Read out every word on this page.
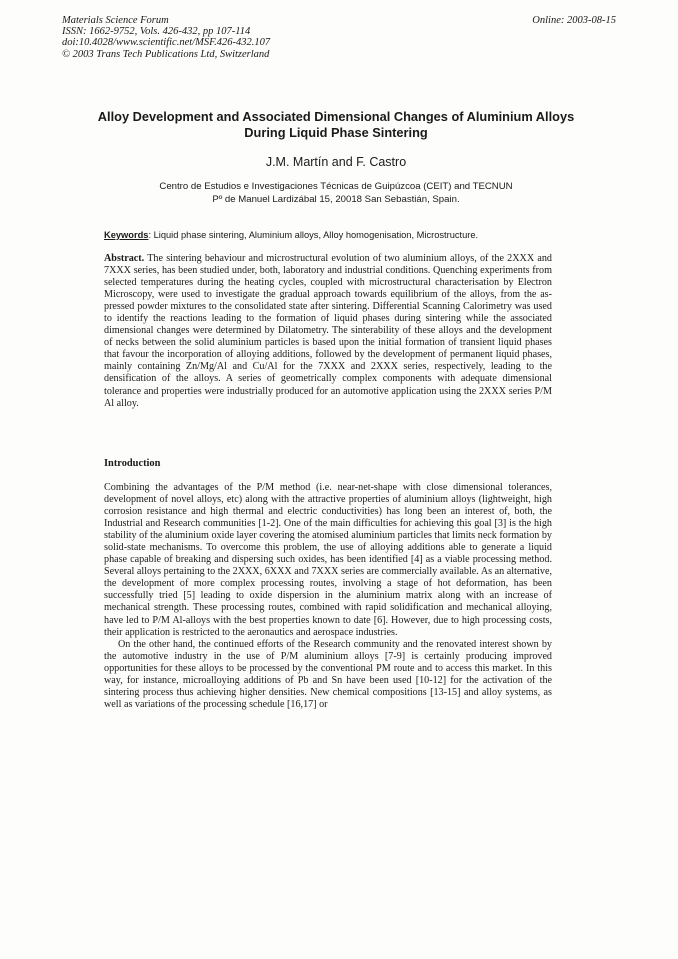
Materials Science Forum
ISSN: 1662-9752, Vols. 426-432, pp 107-114
doi:10.4028/www.scientific.net/MSF.426-432.107
© 2003 Trans Tech Publications Ltd, Switzerland
Online: 2003-08-15
Alloy Development and Associated Dimensional Changes of Aluminium Alloys During Liquid Phase Sintering
J.M. Martín and F. Castro
Centro de Estudios e Investigaciones Técnicas de Guipúzcoa (CEIT) and TECNUN
Pº de Manuel Lardizábal 15, 20018 San Sebastián, Spain.
Keywords: Liquid phase sintering, Aluminium alloys, Alloy homogenisation, Microstructure.

Abstract. The sintering behaviour and microstructural evolution of two aluminium alloys, of the 2XXX and 7XXX series, has been studied under, both, laboratory and industrial conditions. Quenching experiments from selected temperatures during the heating cycles, coupled with microstructural characterisation by Electron Microscopy, were used to investigate the gradual approach towards equilibrium of the alloys, from the as-pressed powder mixtures to the consolidated state after sintering. Differential Scanning Calorimetry was used to identify the reactions leading to the formation of liquid phases during sintering while the associated dimensional changes were determined by Dilatometry. The sinterability of these alloys and the development of necks between the solid aluminium particles is based upon the initial formation of transient liquid phases that favour the incorporation of alloying additions, followed by the development of permanent liquid phases, mainly containing Zn/Mg/Al and Cu/Al for the 7XXX and 2XXX series, respectively, leading to the densification of the alloys. A series of geometrically complex components with adequate dimensional tolerance and properties were industrially produced for an automotive application using the 2XXX series P/M Al alloy.

Introduction

Combining the advantages of the P/M method (i.e. near-net-shape with close dimensional tolerances, development of novel alloys, etc) along with the attractive properties of aluminium alloys (lightweight, high corrosion resistance and high thermal and electric conductivities) has long been an interest of, both, the Industrial and Research communities [1-2]. One of the main difficulties for achieving this goal [3] is the high stability of the aluminium oxide layer covering the atomised aluminium particles that limits neck formation by solid-state mechanisms. To overcome this problem, the use of alloying additions able to generate a liquid phase capable of breaking and dispersing such oxides, has been identified [4] as a viable processing method. Several alloys pertaining to the 2XXX, 6XXX and 7XXX series are commercially available. As an alternative, the development of more complex processing routes, involving a stage of hot deformation, has been successfully tried [5] leading to oxide dispersion in the aluminium matrix along with an increase of mechanical strength. These processing routes, combined with rapid solidification and mechanical alloying, have led to P/M Al-alloys with the best properties known to date [6]. However, due to high processing costs, their application is restricted to the aeronautics and aerospace industries.

On the other hand, the continued efforts of the Research community and the renovated interest shown by the automotive industry in the use of P/M aluminium alloys [7-9] is certainly producing improved opportunities for these alloys to be processed by the conventional PM route and to access this market. In this way, for instance, microalloying additions of Pb and Sn have been used [10-12] for the activation of the sintering process thus achieving higher densities. New chemical compositions [13-15] and alloy systems, as well as variations of the processing schedule [16,17] or
